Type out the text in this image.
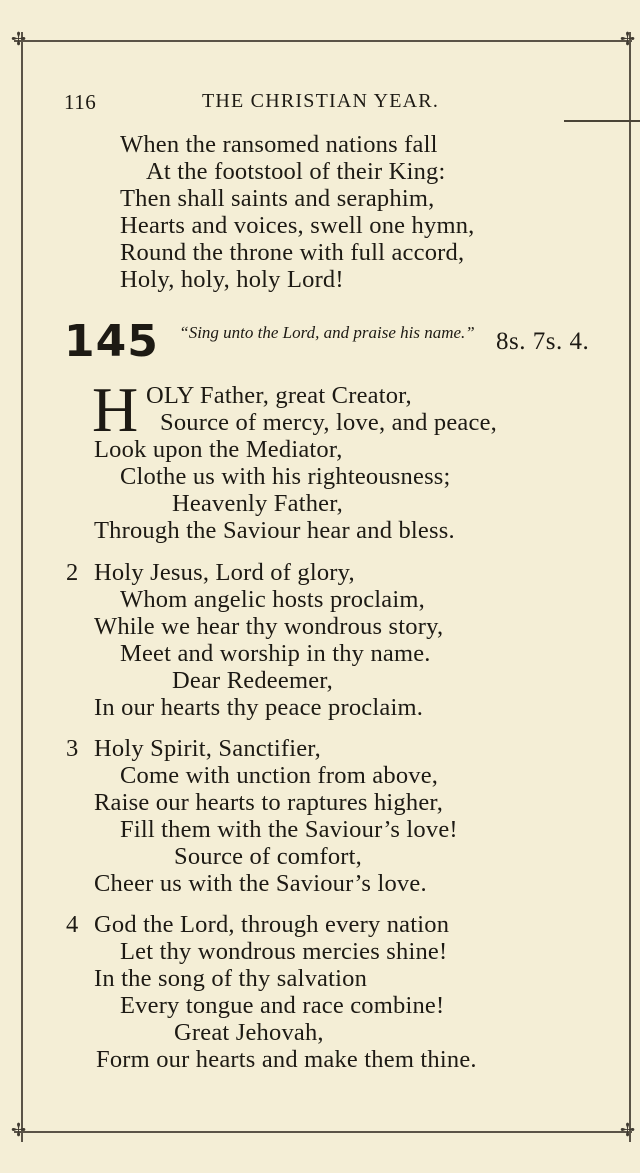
✢	✢
✢	✢
116	THE CHRISTIAN YEAR.
When the ransomed nations fall
At the footstool of their King:
Then shall saints and seraphim,
Hearts and voices, swell one hymn,
Round the throne with full accord,
Holy, holy, holy Lord!
145	“Sing unto the Lord, and praise his name.” 8s. 7s. 4.
H OLY Father, great Creator,
Source of mercy, love, and peace,
Look upon the Mediator,
Clothe us with his righteousness;
Heavenly Father,
Through the Saviour hear and bless.
2 Holy Jesus, Lord of glory,
Whom angelic hosts proclaim,
While we hear thy wondrous story,
Meet and worship in thy name.
Dear Redeemer,
In our hearts thy peace proclaim.
3 Holy Spirit, Sanctifier,
Come with unction from above,
Raise our hearts to raptures higher,
Fill them with the Saviour’s love!
Source of comfort,
Cheer us with the Saviour’s love.
4 God the Lord, through every nation
Let thy wondrous mercies shine!
In the song of thy salvation
Every tongue and race combine!
Great Jehovah,
Form our hearts and make them thine.
